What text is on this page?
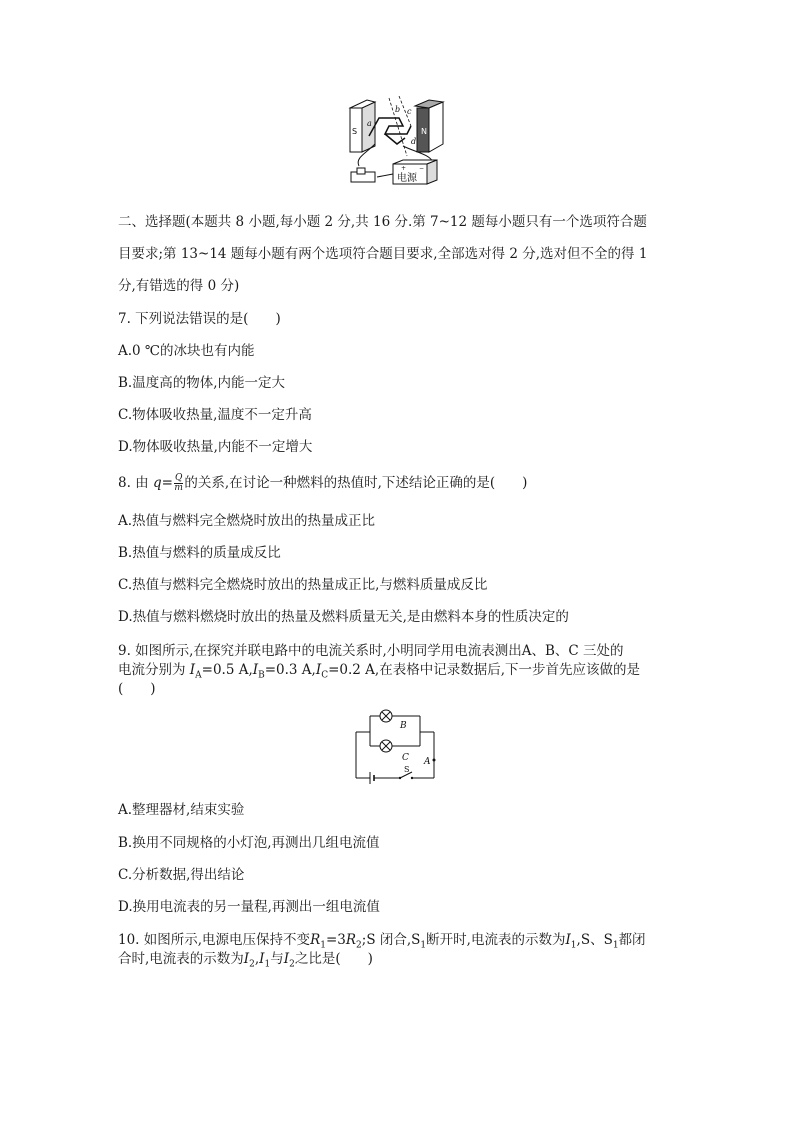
S	N
a
b c
d
+ −
电源
二、选择题(本题共 8 小题,每小题 2 分,共 16 分.第 7~12 题每小题只有一个选项符合题
目要求;第 13~14 题每小题有两个选项符合题目要求,全部选对得 2 分,选对但不全的得 1
分,有错选的得 0 分)
7. 下列说法错误的是(　　)
A.0 ℃的冰块也有内能
B.温度高的物体,内能一定大
C.物体吸收热量,温度不一定升高
D.物体吸收热量,内能不一定增大
8. 由 $q= \frac{Q}{m}$ 的关系,在讨论一种燃料的热值时,下述结论正确的是(　　)
A.热值与燃料完全燃烧时放出的热量成正比
B.热值与燃料的质量成反比
C.热值与燃料完全燃烧时放出的热量成正比,与燃料质量成反比
D.热值与燃料燃烧时放出的热量及燃料质量无关,是由燃料本身的性质决定的
9. 如图所示,在探究并联电路中的电流关系时,小明同学用电流表测出A、B、C 三处的
电流分别为 $I_A=0.5$ $A,I_B=0.3$ $A,I_C=0.2$ A,在表格中记录数据后,下一步首先应该做的是
(　　)
B
C A
S
A.整理器材,结束实验
B.换用不同规格的小灯泡,再测出几组电流值
C.分析数据,得出结论
D.换用电流表的另一量程,再测出一组电流值
10. 如图所示,电源电压保持不变$R_1=3R_2;S$ 闭合$,S_1$断开时,电流表的示数为$I_1,S$、$S_1$都闭
合时,电流表的示数为$I_2,I_1$与$I_2$之比是(　　)
